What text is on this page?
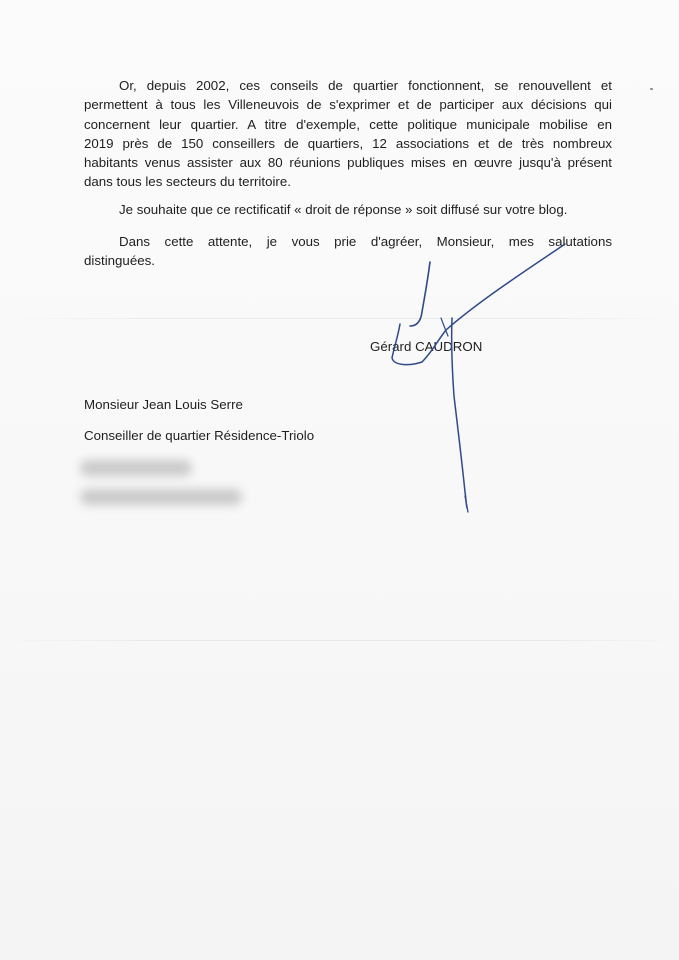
Or, depuis 2002, ces conseils de quartier fonctionnent, se renouvellent et
permettent à tous les Villeneuvois de s'exprimer et de participer aux décisions qui
concernent leur quartier. A titre d'exemple, cette politique municipale mobilise en
2019 près de 150 conseillers de quartiers, 12 associations et de très nombreux
habitants venus assister aux 80 réunions publiques mises en œuvre jusqu'à présent
dans tous les secteurs du territoire.

Je souhaite que ce rectificatif « droit de réponse » soit diffusé sur votre blog.

Dans cette attente, je vous prie d'agréer, Monsieur, mes salutations
distinguées.

Gérard CAUDRON
Monsieur Jean Louis Serre
Conseiller de quartier Résidence-Triolo
